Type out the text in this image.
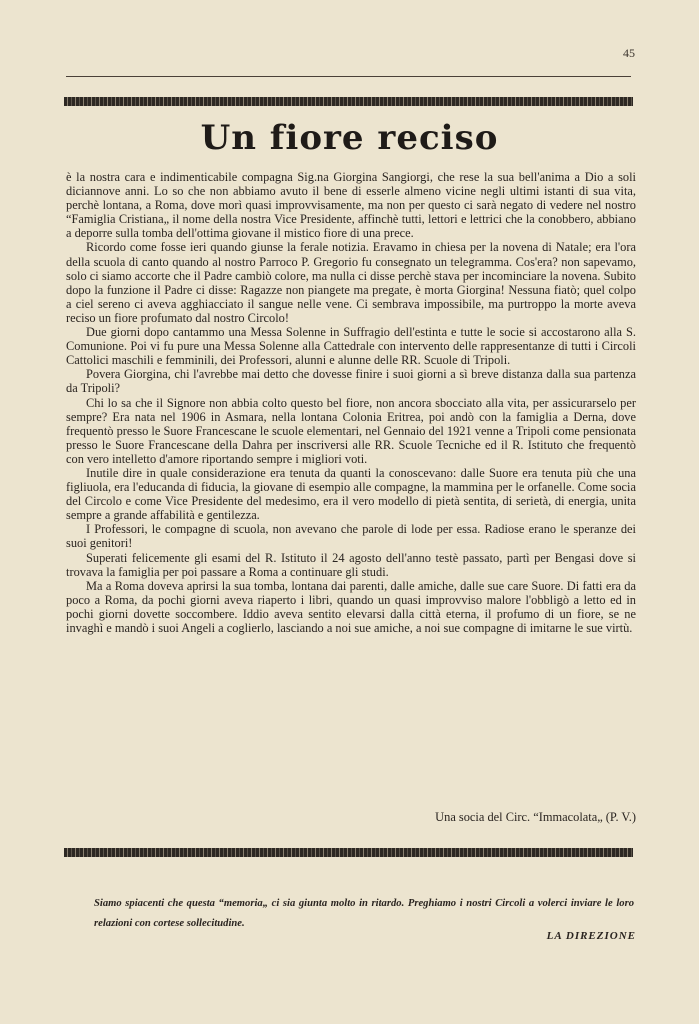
45
Un fiore reciso

è la nostra cara e indimenticabile compagna Sig.na Giorgina Sangiorgi, che rese la sua bell'anima a Dio a soli diciannove anni. Lo so che non abbiamo avuto il bene di esserle almeno vicine negli ultimi istanti di sua vita, perchè lontana, a Roma, dove morì quasi improvvisamente, ma non per questo ci sarà negato di vedere nel nostro “Famiglia Cristiana„ il nome della nostra Vice Presidente, affinchè tutti, lettori e lettrici che la conobbero, abbiano a deporre sulla tomba dell'ottima giovane il mistico fiore di una prece.

Ricordo come fosse ieri quando giunse la ferale notizia. Eravamo in chiesa per la novena di Natale; era l'ora della scuola di canto quando al nostro Parroco P. Gregorio fu consegnato un telegramma. Cos'era? non sapevamo, solo ci siamo accorte che il Padre cambiò colore, ma nulla ci disse perchè stava per incominciare la novena. Subito dopo la funzione il Padre ci disse: Ragazze non piangete ma pregate, è morta Giorgina! Nessuna fiatò; quel colpo a ciel sereno ci aveva agghiacciato il sangue nelle vene. Ci sembrava impossibile, ma purtroppo la morte aveva reciso un fiore profumato dal nostro Circolo!

Due giorni dopo cantammo una Messa Solenne in Suffragio dell'estinta e tutte le socie si accostarono alla S. Comunione. Poi vi fu pure una Messa Solenne alla Cattedrale con intervento delle rappresentanze di tutti i Circoli Cattolici maschili e femminili, dei Professori, alunni e alunne delle RR. Scuole di Tripoli.

Povera Giorgina, chi l'avrebbe mai detto che dovesse finire i suoi giorni a sì breve distanza dalla sua partenza da Tripoli?

Chi lo sa che il Signore non abbia colto questo bel fiore, non ancora sbocciato alla vita, per assicurarselo per sempre? Era nata nel 1906 in Asmara, nella lontana Colonia Eritrea, poi andò con la famiglia a Derna, dove frequentò presso le Suore Francescane le scuole elementari, nel Gennaio del 1921 venne a Tripoli come pensionata presso le Suore Francescane della Dahra per inscriversi alle RR. Scuole Tecniche ed il R. Istituto che frequentò con vero intelletto d'amore riportando sempre i migliori voti.

Inutile dire in quale considerazione era tenuta da quanti la conoscevano: dalle Suore era tenuta più che una figliuola, era l'educanda di fiducia, la giovane di esempio alle compagne, la mammina per le orfanelle. Come socia del Circolo e come Vice Presidente del medesimo, era il vero modello di pietà sentita, di serietà, di energia, unita sempre a grande affabilità e gentilezza.

I Professori, le compagne di scuola, non avevano che parole di lode per essa. Radiose erano le speranze dei suoi genitori!

Superati felicemente gli esami del R. Istituto il 24 agosto dell'anno testè passato, partì per Bengasi dove si trovava la famiglia per poi passare a Roma a continuare gli studi.

Ma a Roma doveva aprirsi la sua tomba, lontana dai parenti, dalle amiche, dalle sue care Suore. Di fatti era da poco a Roma, da pochi giorni aveva riaperto i libri, quando un quasi improvviso malore l'obbligò a letto ed in pochi giorni dovette soccombere. Iddio aveva sentito elevarsi dalla città eterna, il profumo di un fiore, se ne invaghì e mandò i suoi Angeli a coglierlo, lasciando a noi sue amiche, a noi sue compagne di imitarne le sue virtù.

Una socia del Circ. “Immacolata„ (P. V.)
Siamo spiacenti che questa “memoria„ ci sia giunta molto in ritardo. Preghiamo i nostri Circoli a volerci inviare le loro relazioni con cortese sollecitudine.
LA DIREZIONE
